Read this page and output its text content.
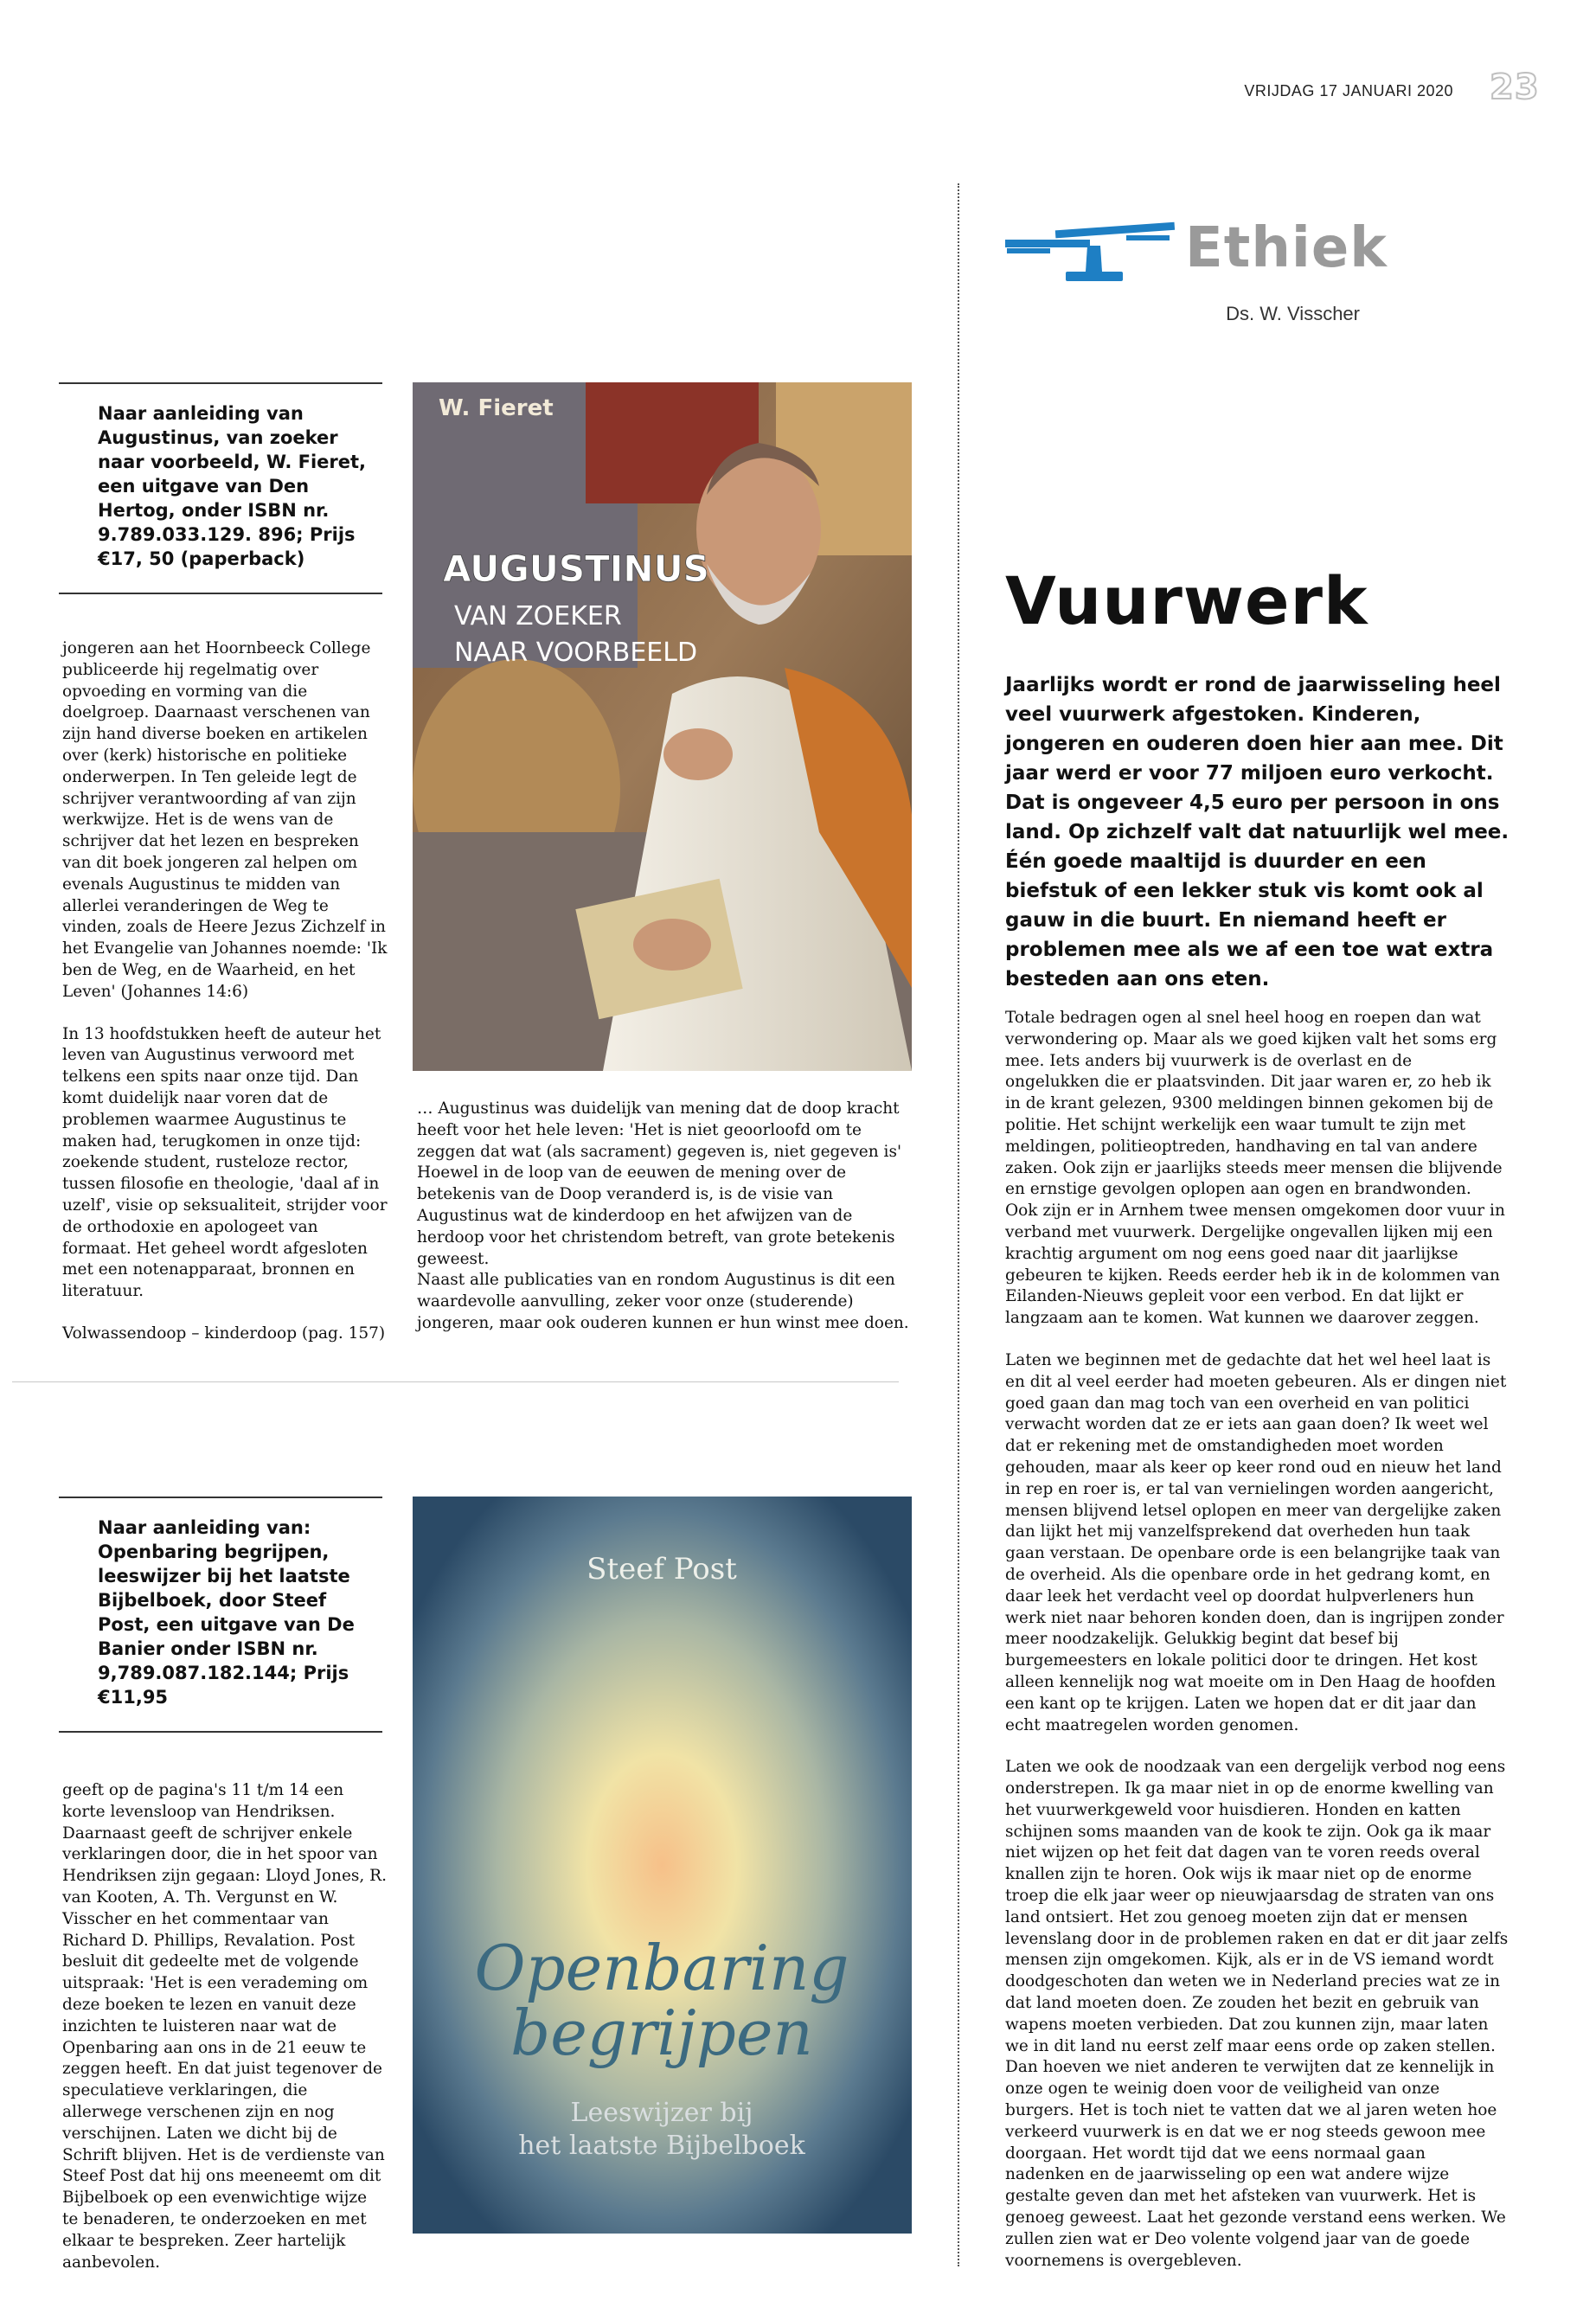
VRIJDAG 17 JANUARI 2020 23
Ethiek
Ds. W. Visscher
Naar aanleiding van
Augustinus, van zoeker
naar voorbeeld, W. Fieret,
een uitgave van Den
Hertog, onder ISBN nr.
9.789.033.129. 896; Prijs
€17, 50 (paperback)

jongeren aan het Hoornbeeck College publiceerde hij regelmatig over opvoeding en vorming van die doelgroep. Daarnaast verschenen van zijn hand diverse boeken en artikelen over (kerk) historische en politieke onderwerpen. In Ten geleide legt de schrijver verantwoording af van zijn werkwijze. Het is de wens van de schrijver dat het lezen en bespreken van dit boek jongeren zal helpen om evenals Augustinus te midden van allerlei veranderingen de Weg te vinden, zoals de Heere Jezus Zichzelf in het Evangelie van Johannes noemde: 'Ik ben de Weg, en de Waarheid, en het Leven' (Johannes 14:6)

In 13 hoofdstukken heeft de auteur het leven van Augustinus verwoord met telkens een spits naar onze tijd. Dan komt duidelijk naar voren dat de problemen waarmee Augustinus te maken had, terugkomen in onze tijd: zoekende student, rusteloze rector, tussen filosofie en theologie, 'daal af in uzelf', visie op seksualiteit, strijder voor de orthodoxie en apologeet van formaat. Het geheel wordt afgesloten met een notenapparaat, bronnen en literatuur.

Volwassendoop – kinderdoop (pag. 157)

W. Fieret
AUGUSTINUS
VAN ZOEKER
NAAR VOORBEELD
… Augustinus was duidelijk van mening dat de doop kracht heeft voor het hele leven: 'Het is niet geoorloofd om te zeggen dat wat (als sacrament) gegeven is, niet gegeven is' Hoewel in de loop van de eeuwen de mening over de betekenis van de Doop veranderd is, is de visie van Augustinus wat de kinderdoop en het afwijzen van de herdoop voor het christendom betreft, van grote betekenis geweest.
Naast alle publicaties van en rondom Augustinus is dit een waardevolle aanvulling, zeker voor onze (studerende) jongeren, maar ook ouderen kunnen er hun winst mee doen.
Naar aanleiding van:
Openbaring begrijpen,
leeswijzer bij het laatste
Bijbelboek, door Steef
Post, een uitgave van De
Banier onder ISBN nr.
9,789.087.182.144; Prijs
€11,95

geeft op de pagina's 11 t/m 14 een korte levensloop van Hendriksen. Daarnaast geeft de schrijver enkele verklaringen door, die in het spoor van Hendriksen zijn gegaan: Lloyd Jones, R. van Kooten, A. Th. Vergunst en W. Visscher en het commentaar van Richard D. Phillips, Revalation. Post besluit dit gedeelte met de volgende uitspraak: 'Het is een verademing om deze boeken te lezen en vanuit deze inzichten te luisteren naar wat de Openbaring aan ons in de 21 eeuw te zeggen heeft. En dat juist tegenover de speculatieve verklaringen, die allerwege verschenen zijn en nog verschijnen. Laten we dicht bij de Schrift blijven. Het is de verdienste van Steef Post dat hij ons meeneemt om dit Bijbelboek op een evenwichtige wijze te benaderen, te onderzoeken en met elkaar te bespreken. Zeer hartelijk aanbevolen.

Steef Post
Openbaring
begrijpen
Leeswijzer bij
het laatste Bijbelboek
Vuurwerk
Jaarlijks wordt er rond de jaarwisseling heel veel vuurwerk afgestoken. Kinderen, jongeren en ouderen doen hier aan mee. Dit jaar werd er voor 77 miljoen euro verkocht. Dat is ongeveer 4,5 euro per persoon in ons land. Op zichzelf valt dat natuurlijk wel mee. Één goede maaltijd is duurder en een biefstuk of een lekker stuk vis komt ook al gauw in die buurt. En niemand heeft er problemen mee als we af een toe wat extra besteden aan ons eten.

Totale bedragen ogen al snel heel hoog en roepen dan wat verwondering op. Maar als we goed kijken valt het soms erg mee. Iets anders bij vuurwerk is de overlast en de ongelukken die er plaatsvinden. Dit jaar waren er, zo heb ik in de krant gelezen, 9300 meldingen binnen gekomen bij de politie. Het schijnt werkelijk een waar tumult te zijn met meldingen, politieoptreden, handhaving en tal van andere zaken. Ook zijn er jaarlijks steeds meer mensen die blijvende en ernstige gevolgen oplopen aan ogen en brandwonden. Ook zijn er in Arnhem twee mensen omgekomen door vuur in verband met vuurwerk. Dergelijke ongevallen lijken mij een krachtig argument om nog eens goed naar dit jaarlijkse gebeuren te kijken. Reeds eerder heb ik in de kolommen van Eilanden-Nieuws gepleit voor een verbod. En dat lijkt er langzaam aan te komen. Wat kunnen we daarover zeggen.

Laten we beginnen met de gedachte dat het wel heel laat is en dit al veel eerder had moeten gebeuren. Als er dingen niet goed gaan dan mag toch van een overheid en van politici verwacht worden dat ze er iets aan gaan doen? Ik weet wel dat er rekening met de omstandigheden moet worden gehouden, maar als keer op keer rond oud en nieuw het land in rep en roer is, er tal van vernielingen worden aangericht, mensen blijvend letsel oplopen en meer van dergelijke zaken dan lijkt het mij vanzelfsprekend dat overheden hun taak gaan verstaan. De openbare orde is een belangrijke taak van de overheid. Als die openbare orde in het gedrang komt, en daar leek het verdacht veel op doordat hulpverleners hun werk niet naar behoren konden doen, dan is ingrijpen zonder meer noodzakelijk. Gelukkig begint dat besef bij burgemeesters en lokale politici door te dringen. Het kost alleen kennelijk nog wat moeite om in Den Haag de hoofden een kant op te krijgen. Laten we hopen dat er dit jaar dan echt maatregelen worden genomen.

Laten we ook de noodzaak van een dergelijk verbod nog eens onderstrepen. Ik ga maar niet in op de enorme kwelling van het vuurwerkgeweld voor huisdieren. Honden en katten schijnen soms maanden van de kook te zijn. Ook ga ik maar niet wijzen op het feit dat dagen van te voren reeds overal knallen zijn te horen. Ook wijs ik maar niet op de enorme troep die elk jaar weer op nieuwjaarsdag de straten van ons land ontsiert. Het zou genoeg moeten zijn dat er mensen levenslang door in de problemen raken en dat er dit jaar zelfs mensen zijn omgekomen. Kijk, als er in de VS iemand wordt doodgeschoten dan weten we in Nederland precies wat ze in dat land moeten doen. Ze zouden het bezit en gebruik van wapens moeten verbieden. Dat zou kunnen zijn, maar laten we in dit land nu eerst zelf maar eens orde op zaken stellen. Dan hoeven we niet anderen te verwijten dat ze kennelijk in onze ogen te weinig doen voor de veiligheid van onze burgers. Het is toch niet te vatten dat we al jaren weten hoe verkeerd vuurwerk is en dat we er nog steeds gewoon mee doorgaan. Het wordt tijd dat we eens normaal gaan nadenken en de jaarwisseling op een wat andere wijze gestalte geven dan met het afsteken van vuurwerk. Het is genoeg geweest. Laat het gezonde verstand eens werken. We zullen zien wat er Deo volente volgend jaar van de goede voornemens is overgebleven.
